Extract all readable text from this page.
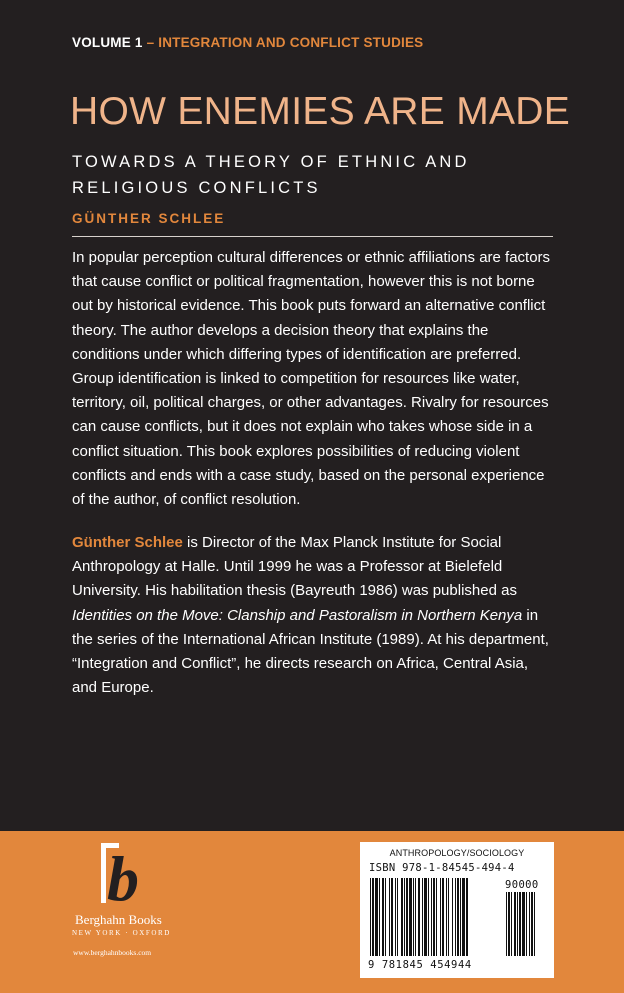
VOLUME 1 – INTEGRATION AND CONFLICT STUDIES
HOW ENEMIES ARE MADE
TOWARDS A THEORY OF ETHNIC AND
RELIGIOUS CONFLICTS
GÜNTHER SCHLEE
In popular perception cultural differences or ethnic affiliations are factors that cause conflict or political fragmentation, however this is not borne out by historical evidence. This book puts forward an alternative conflict theory. The author develops a decision theory that explains the conditions under which differing types of identification are preferred. Group identification is linked to competition for resources like water, territory, oil, political charges, or other advantages. Rivalry for resources can cause conflicts, but it does not explain who takes whose side in a conflict situation. This book explores possibilities of reducing violent conflicts and ends with a case study, based on the personal experience of the author, of conflict resolution.
Günther Schlee is Director of the Max Planck Institute for Social Anthropology at Halle. Until 1999 he was a Professor at Bielefeld University. His habilitation thesis (Bayreuth 1986) was published as Identities on the Move: Clanship and Pastoralism in Northern Kenya in the series of the International African Institute (1989). At his department, “Integration and Conflict”, he directs research on Africa, Central Asia, and Europe.
b
Berghahn Books
NEW YORK · OXFORD
www.berghahnbooks.com
ANTHROPOLOGY/SOCIOLOGY
ISBN 978-1-84545-494-4
90000
9 781845 454944
